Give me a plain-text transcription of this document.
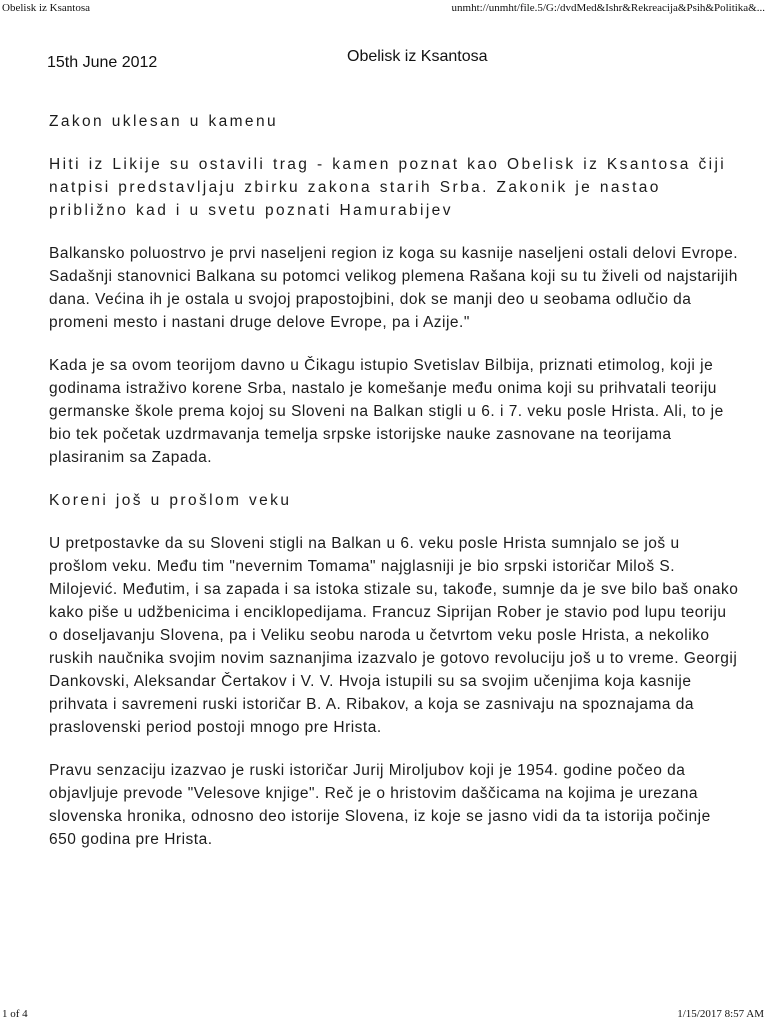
Obelisk iz Ksantosa	unmht://unmht/file.5/G:/dvdMed&Ishr&Rekreacija&Psih&Politika&...
15th June 2012	Obelisk iz Ksantosa

Zakon uklesan u kamenu

Hiti iz Likije su ostavili trag - kamen poznat kao Obelisk iz Ksantosa čiji natpisi predstavljaju zbirku zakona starih Srba. Zakonik je nastao približno kad i u svetu poznati Hamurabijev

Balkansko poluostrvo je prvi naseljeni region iz koga su kasnije naseljeni ostali delovi Evrope. Sadašnji stanovnici Balkana su potomci velikog plemena Rašana koji su tu živeli od najstarijih dana. Većina ih je ostala u svojoj prapostojbini, dok se manji deo u seobama odlučio da promeni mesto i nastani druge delove Evrope, pa i Azije."

Kada je sa ovom teorijom davno u Čikagu istupio Svetislav Bilbija, priznati etimolog, koji je godinama istraživo korene Srba, nastalo je komešanje među onima koji su prihvatali teoriju germanske škole prema kojoj su Sloveni na Balkan stigli u 6. i 7. veku posle Hrista. Ali, to je bio tek početak uzdrmavanja temelja srpske istorijske nauke zasnovane na teorijama plasiranim sa Zapada.

Koreni još u prošlom veku

U pretpostavke da su Sloveni stigli na Balkan u 6. veku posle Hrista sumnjalo se još u prošlom veku. Među tim "nevernim Tomama" najglasniji je bio srpski istoričar Miloš S. Milojević. Međutim, i sa zapada i sa istoka stizale su, takođe, sumnje da je sve bilo baš onako kako piše u udžbenicima i enciklopedijama. Francuz Siprijan Rober je stavio pod lupu teoriju o doseljavanju Slovena, pa i Veliku seobu naroda u četvrtom veku posle Hrista, a nekoliko ruskih naučnika svojim novim saznanjima izazvalo je gotovo revoluciju još u to vreme. Georgij Dankovski, Aleksandar Čertakov i V. V. Hvoja istupili su sa svojim učenjima koja kasnije prihvata i savremeni ruski istoričar B. A. Ribakov, a koja se zasnivaju na spoznajama da praslovenski period postoji mnogo pre Hrista.

Pravu senzaciju izazvao je ruski istoričar Jurij Miroljubov koji je 1954. godine počeo da objavljuje prevode "Velesove knjige". Reč je o hristovim daščicama na kojima je urezana slovenska hronika, odnosno deo istorije Slovena, iz koje se jasno vidi da ta istorija počinje 650 godina pre Hrista.

1 of 4	1/15/2017 8:57 AM
